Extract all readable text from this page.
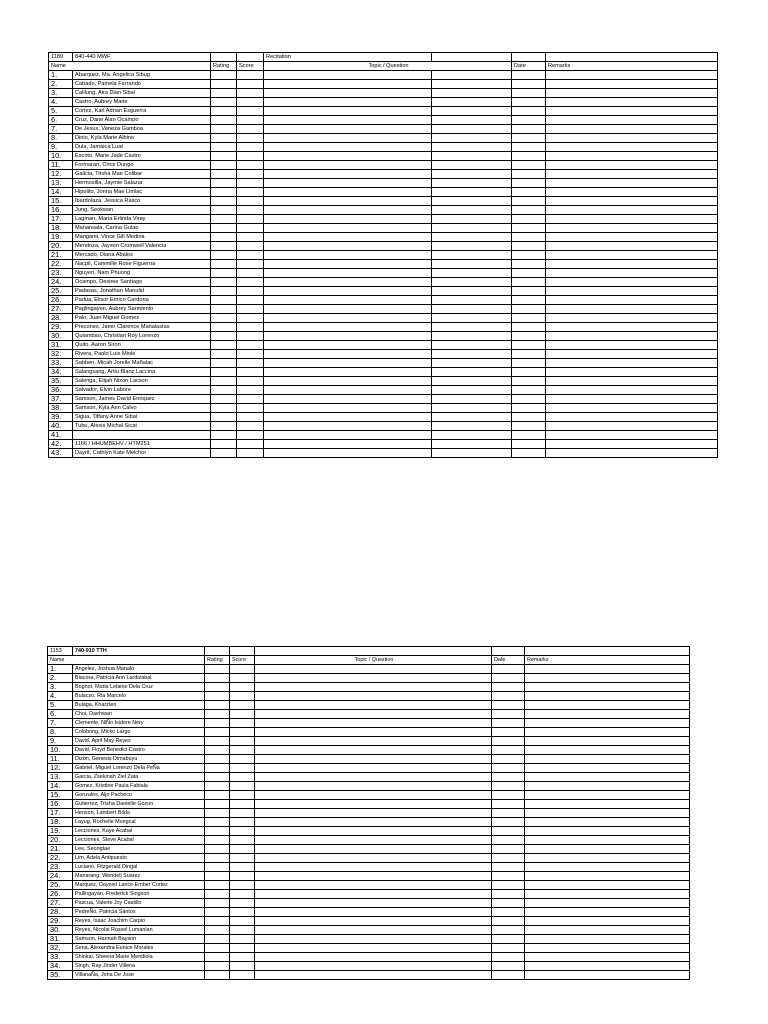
1189	840-440 MWF			Recitation			
Name		Rating	Score	Topic / Question		Date	Remarks
1.	Abarquez, Ma. Angelica Sibug						
2.	Cabado, Pamela Ferrando						
3.	Calilung, Aira Dian Sibal						
4.	Castro, Aubrey Marie						
5.	Cortez, Karl Adrian Esguerra						
6.	Cruz, Dane Alan Ocampo						
7.	De Jesus, Vaneza Gamboa						
8.	Dinio, Kyla Marie Albino						
9.	Dula, Jamaica Luat						
10.	Escoto, Marie Jade Castro						
11.	Formaran, Chris Dungo						
12.	Galicia, Trisha Mae Colibar						
13.	Hermosilla, Jaymie Salazar						
14.	Hipolito, Jonna Mae Limlac						
15.	Ibardolaza, Jessica Rasco						
16.	Jung, Seokwan						
17.	Lagman, Maria Erlinda Viray						
18.	Manansala, Carina Gulao						
19.	Manganti, Vince Gill Medina						
20.	Mendoza, Jayson Cromwell Valencia						
21.	Mercado, Diana Abalos						
22.	Nacpil, Cammille Rose Figueroa						
23.	Nguyen, Nam Phuong						
24.	Ocampo, Desiree Santiago						
25.	Padasas, Jonathan Manulid						
26.	Padua, Elisor Enrico Cardona						
27.	Paglingayen, Aubrey Sarmiento						
28.	Palo, Juan Miguel Gomez						
29.	Precones, Jamir Clarence Manalastas						
30.	Quiambao, Christian Roy Lorenzo						
31.	Quito, Aaron Siron						
32.	Rivera, Paolo Luis Miole						
33.	Sabben, Micah Jorelle Mañalac						
34.	Salangsang, Artiu Blanz Laccina						
35.	Salenga, Elijah Nixon Lacson						
36.	Salvador, Elvin Labore						
37.	Samson, James David Enriquez						
38.	Samson, Kyla Ann Calvo						
39.	Sigua, Tiffany Anne Sibal						
40.	Tubu, Alexis Michal Sicat						
41.							
42.	1166 / HHUMBEHV / HTM251						
43.	Dayrit, Cathlyn Kate Melchor						
1153	740-910 TTH					
Name		Rating	Score	Topic / Question	Date	Remarks
1.	Angeles, Joshua Manalo					
2.	Biacora, Patricia Ann Lardizabal					
3.	Bognot, Maria Lelaine Dela Cruz					
4.	Bulacso, Ria Marcelo					
5.	Bulaga, Kharzten					
6.	Choi, Daehwan					
7.	Clemente, NiÑo Isidore Nery					
8.	Colobong, Micko Largo					
9.	David, April May Reyes					
10.	David, Floyd Benedict Castro					
11.	Dizon, Genesis Dimabuyu					
12.	Gabriel, Miguel Lorenzo Dela PeÑa					
13.	Garcia, Zsekinah Ziel Zata					
14.	Gomez, Kristine Paula Fabiala					
15.	Gonzales, Aljo Pacheco					
16.	Gutierrez, Trisha Danielle Gozun					
17.	Henson, Lambert Bilda					
18.	Layug, Rochelle Mungcal					
19.	Lecciones, Kaye Acabal					
20.	Lecciones, Steve Acabal					
21.	Lee, Seongtae					
22.	Lim, Adela Antipuesto					
23.	Luciano, Fitzgerald Dingal					
24.	Manarang, Wendell Suarez					
25.	Marquez, Dayniel Lance Ember Cortez					
26.	Pallingayan, Frederick Singson					
27.	Pascua, Valerie Joy Castillo					
28.	PedreÑo, Patricia Santos					
29.	Reyes, Isaac Joachim Carpio					
30.	Reyes, Nicolai Russel Lumanlan					
31.	Samson, Hannah Bayson					
32.	Sena, Alexandra Eunice Morales					
33.	Shinkai, Sheena Marie Mendiola					
34.	Singh, Ray Jinder Villena					
35.	VillanaÑa, Jona De Jose					
